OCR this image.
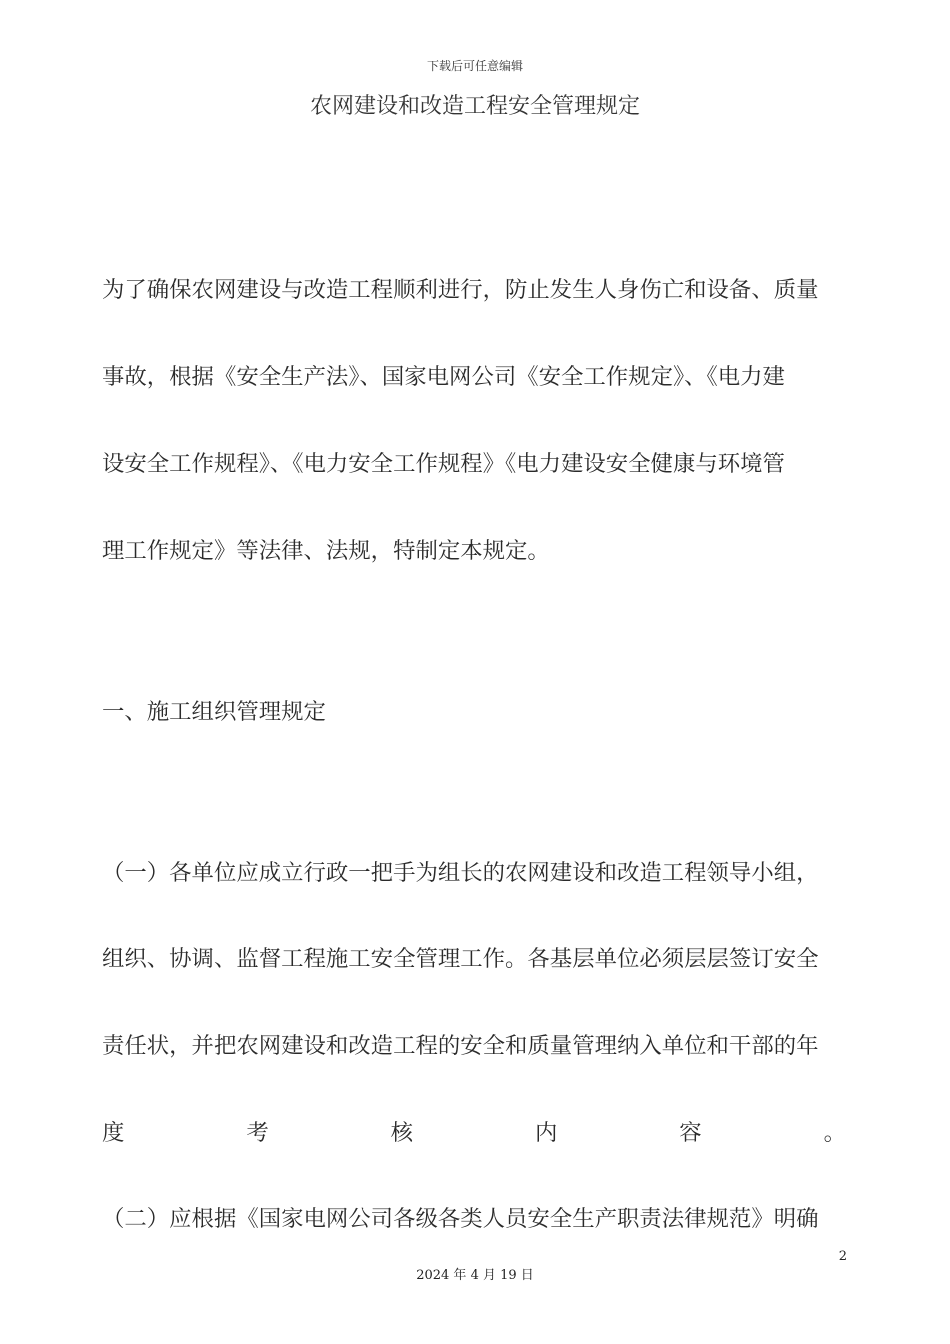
下载后可任意编辑
农网建设和改造工程安全管理规定
为了确保农网建设与改造工程顺利进行，防止发生人身伤亡和设备、质量
事故，根据《安全生产法》、国家电网公司《安全工作规定》、《电力建
设安全工作规程》、《电力安全工作规程》《电力建设安全健康与环境管
理工作规定》等法律、法规，特制定本规定。
一、施工组织管理规定
（一）各单位应成立行政一把手为组长的农网建设和改造工程领导小组，
组织、协调、监督工程施工安全管理工作。各基层单位必须层层签订安全
责任状，并把农网建设和改造工程的安全和质量管理纳入单位和干部的年
度	考	核	内	容	。
（二）应根据《国家电网公司各级各类人员安全生产职责法律规范》明确
2
2024 年 4 月 19 日
